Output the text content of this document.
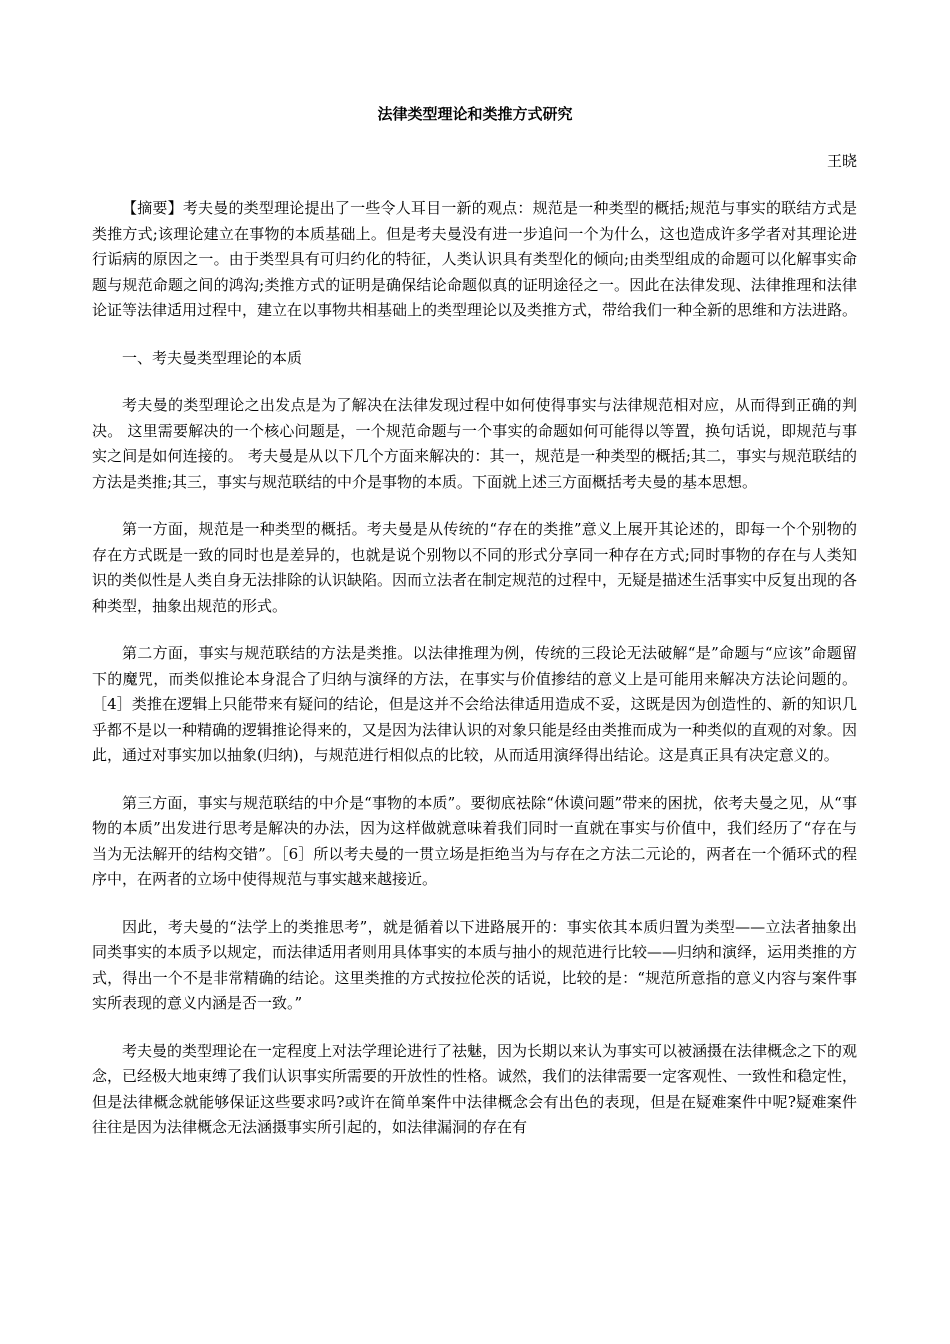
法律类型理论和类推方式研究
王晓

【摘要】考夫曼的类型理论提出了一些令人耳目一新的观点：规范是一种类型的概括;规范与事实的联结方式是类推方式;该理论建立在事物的本质基础上。但是考夫曼没有进一步追问一个为什么，这也造成许多学者对其理论进行诟病的原因之一。由于类型具有可归约化的特征，人类认识具有类型化的倾向;由类型组成的命题可以化解事实命题与规范命题之间的鸿沟;类推方式的证明是确保结论命题似真的证明途径之一。因此在法律发现、法律推理和法律论证等法律适用过程中，建立在以事物共相基础上的类型理论以及类推方式，带给我们一种全新的思维和方法进路。

一、考夫曼类型理论的本质

考夫曼的类型理论之出发点是为了解决在法律发现过程中如何使得事实与法律规范相对应，从而得到正确的判决。 这里需要解决的一个核心问题是，一个规范命题与一个事实的命题如何可能得以等置，换句话说，即规范与事实之间是如何连接的。 考夫曼是从以下几个方面来解决的：其一，规范是一种类型的概括;其二，事实与规范联结的方法是类推;其三，事实与规范联结的中介是事物的本质。下面就上述三方面概括考夫曼的基本思想。

第一方面，规范是一种类型的概括。考夫曼是从传统的“存在的类推”意义上展开其论述的，即每一个个别物的存在方式既是一致的同时也是差异的，也就是说个别物以不同的形式分享同一种存在方式;同时事物的存在与人类知识的类似性是人类自身无法排除的认识缺陷。因而立法者在制定规范的过程中，无疑是描述生活事实中反复出现的各种类型，抽象出规范的形式。

第二方面，事实与规范联结的方法是类推。以法律推理为例，传统的三段论无法破解“是”命题与“应该”命题留下的魔咒，而类似推论本身混合了归纳与演绎的方法，在事实与价值掺结的意义上是可能用来解决方法论问题的。［4］类推在逻辑上只能带来有疑问的结论，但是这并不会给法律适用造成不妥，这既是因为创造性的、新的知识几乎都不是以一种精确的逻辑推论得来的，又是因为法律认识的对象只能是经由类推而成为一种类似的直观的对象。因此，通过对事实加以抽象(归纳)，与规范进行相似点的比较，从而适用演绎得出结论。这是真正具有决定意义的。

第三方面，事实与规范联结的中介是“事物的本质”。要彻底祛除“休谟问题”带来的困扰，依考夫曼之见，从“事物的本质”出发进行思考是解决的办法，因为这样做就意味着我们同时一直就在事实与价值中，我们经历了“存在与当为无法解开的结构交错”。［6］所以考夫曼的一贯立场是拒绝当为与存在之方法二元论的，两者在一个循环式的程序中，在两者的立场中使得规范与事实越来越接近。

因此，考夫曼的“法学上的类推思考”，就是循着以下进路展开的：事实依其本质归置为类型——立法者抽象出同类事实的本质予以规定，而法律适用者则用具体事实的本质与抽小的规范进行比较——归纳和演绎，运用类推的方式，得出一个不是非常精确的结论。这里类推的方式按拉伦茨的话说，比较的是：“规范所意指的意义内容与案件事实所表现的意义内涵是否一致。”

考夫曼的类型理论在一定程度上对法学理论进行了祛魅，因为长期以来认为事实可以被涵摄在法律概念之下的观念，已经极大地束缚了我们认识事实所需要的开放性的性格。诚然，我们的法律需要一定客观性、一致性和稳定性，但是法律概念就能够保证这些要求吗?或许在简单案件中法律概念会有出色的表现，但是在疑难案件中呢?疑难案件往往是因为法律概念无法涵摄事实所引起的，如法律漏洞的存在有
